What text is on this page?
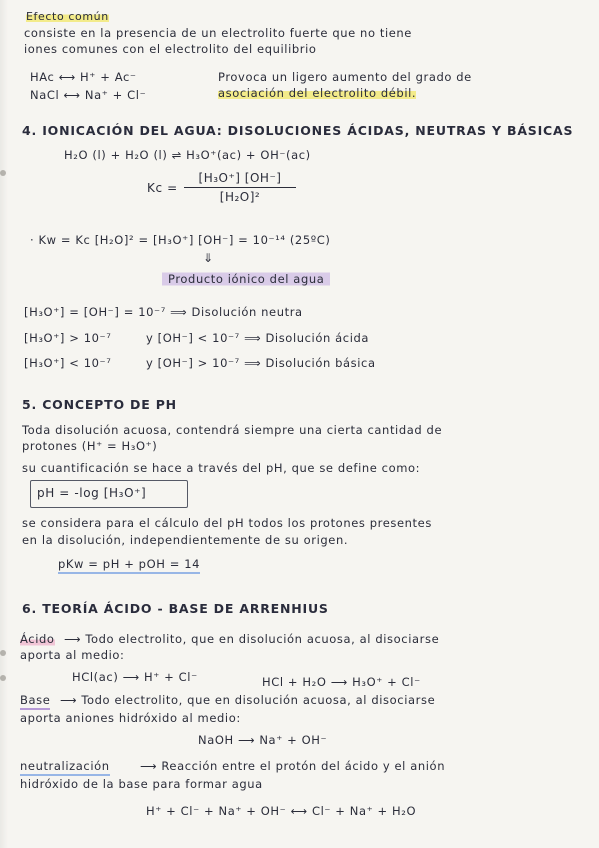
Efecto común
consiste en la presencia de un electrolito fuerte que no tiene
iones comunes con el electrolito del equilibrio
HAc ⟷ H⁺ + Ac⁻
NaCl ⟷ Na⁺ + Cl⁻
Provoca un ligero aumento del grado de
asociación del electrolito débil.
4. IONICACIÓN DEL AGUA: DISOLUCIONES ÁCIDAS, NEUTRAS Y BÁSICAS
H₂O (l) + H₂O (l) ⇌ H₃O⁺(ac) + OH⁻(ac)
$Kc = \frac{\text{[H₃O⁺] [OH⁻]}}{\text{[H₂O]²}}$
· Kw = Kc [H₂O]² = [H₃O⁺] [OH⁻] = 10⁻¹⁴ (25ºC)
⇓
Producto iónico del agua
[H₃O⁺] = [OH⁻] = 10⁻⁷ ⟹ Disolución neutra
[H₃O⁺] > 10⁻⁷	y [OH⁻] < 10⁻⁷ ⟹ Disolución ácida
[H₃O⁺] < 10⁻⁷	y [OH⁻] > 10⁻⁷ ⟹ Disolución básica
5. CONCEPTO DE PH
Toda disolución acuosa, contendrá siempre una cierta cantidad de
protones (H⁺ = H₃O⁺)
su cuantificación se hace a través del pH, que se define como:
pH = -log [H₃O⁺]
se considera para el cálculo del pH todos los protones presentes
en la disolución, independientemente de su origen.
pKw = pH + pOH = 14
6. TEORÍA ÁCIDO - BASE DE ARRENHIUS
Ácido ⟶ Todo electrolito, que en disolución acuosa, al disociarse
aporta al medio:
HCl(ac) ⟶ H⁺ + Cl⁻	HCl + H₂O ⟶ H₃O⁺ + Cl⁻
Base ⟶ Todo electrolito, que en disolución acuosa, al disociarse
aporta aniones hidróxido al medio:
NaOH ⟶ Na⁺ + OH⁻
neutralización	⟶ Reacción entre el protón del ácido y el anión
hidróxido de la base para formar agua
H⁺ + Cl⁻ + Na⁺ + OH⁻ ⟷ Cl⁻ + Na⁺ + H₂O
